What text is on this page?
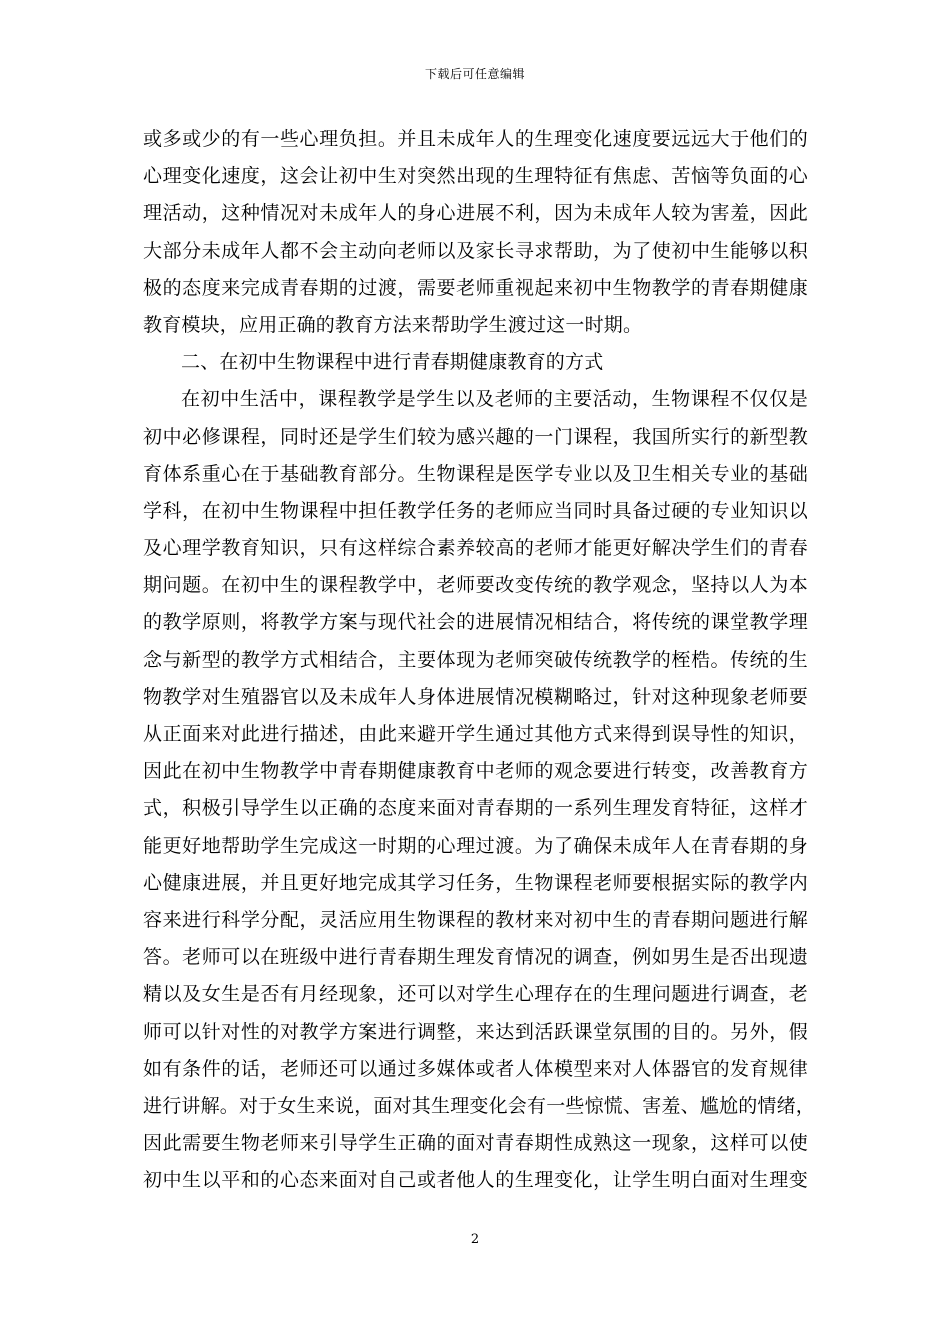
下载后可任意编辑
或多或少的有一些心理负担。并且未成年人的生理变化速度要远远大于他们的
心理变化速度，这会让初中生对突然出现的生理特征有焦虑、苦恼等负面的心
理活动，这种情况对未成年人的身心进展不利，因为未成年人较为害羞，因此
大部分未成年人都不会主动向老师以及家长寻求帮助，为了使初中生能够以积
极的态度来完成青春期的过渡，需要老师重视起来初中生物教学的青春期健康
教育模块，应用正确的教育方法来帮助学生渡过这一时期。
二、在初中生物课程中进行青春期健康教育的方式
在初中生活中，课程教学是学生以及老师的主要活动，生物课程不仅仅是
初中必修课程，同时还是学生们较为感兴趣的一门课程，我国所实行的新型教
育体系重心在于基础教育部分。生物课程是医学专业以及卫生相关专业的基础
学科，在初中生物课程中担任教学任务的老师应当同时具备过硬的专业知识以
及心理学教育知识，只有这样综合素养较高的老师才能更好解决学生们的青春
期问题。在初中生的课程教学中，老师要改变传统的教学观念，坚持以人为本
的教学原则，将教学方案与现代社会的进展情况相结合，将传统的课堂教学理
念与新型的教学方式相结合，主要体现为老师突破传统教学的桎梏。传统的生
物教学对生殖器官以及未成年人身体进展情况模糊略过，针对这种现象老师要
从正面来对此进行描述，由此来避开学生通过其他方式来得到误导性的知识，
因此在初中生物教学中青春期健康教育中老师的观念要进行转变，改善教育方
式，积极引导学生以正确的态度来面对青春期的一系列生理发育特征，这样才
能更好地帮助学生完成这一时期的心理过渡。为了确保未成年人在青春期的身
心健康进展，并且更好地完成其学习任务，生物课程老师要根据实际的教学内
容来进行科学分配，灵活应用生物课程的教材来对初中生的青春期问题进行解
答。老师可以在班级中进行青春期生理发育情况的调查，例如男生是否出现遗
精以及女生是否有月经现象，还可以对学生心理存在的生理问题进行调查，老
师可以针对性的对教学方案进行调整，来达到活跃课堂氛围的目的。另外，假
如有条件的话，老师还可以通过多媒体或者人体模型来对人体器官的发育规律
进行讲解。对于女生来说，面对其生理变化会有一些惊慌、害羞、尴尬的情绪，
因此需要生物老师来引导学生正确的面对青春期性成熟这一现象，这样可以使
初中生以平和的心态来面对自己或者他人的生理变化，让学生明白面对生理变
2
